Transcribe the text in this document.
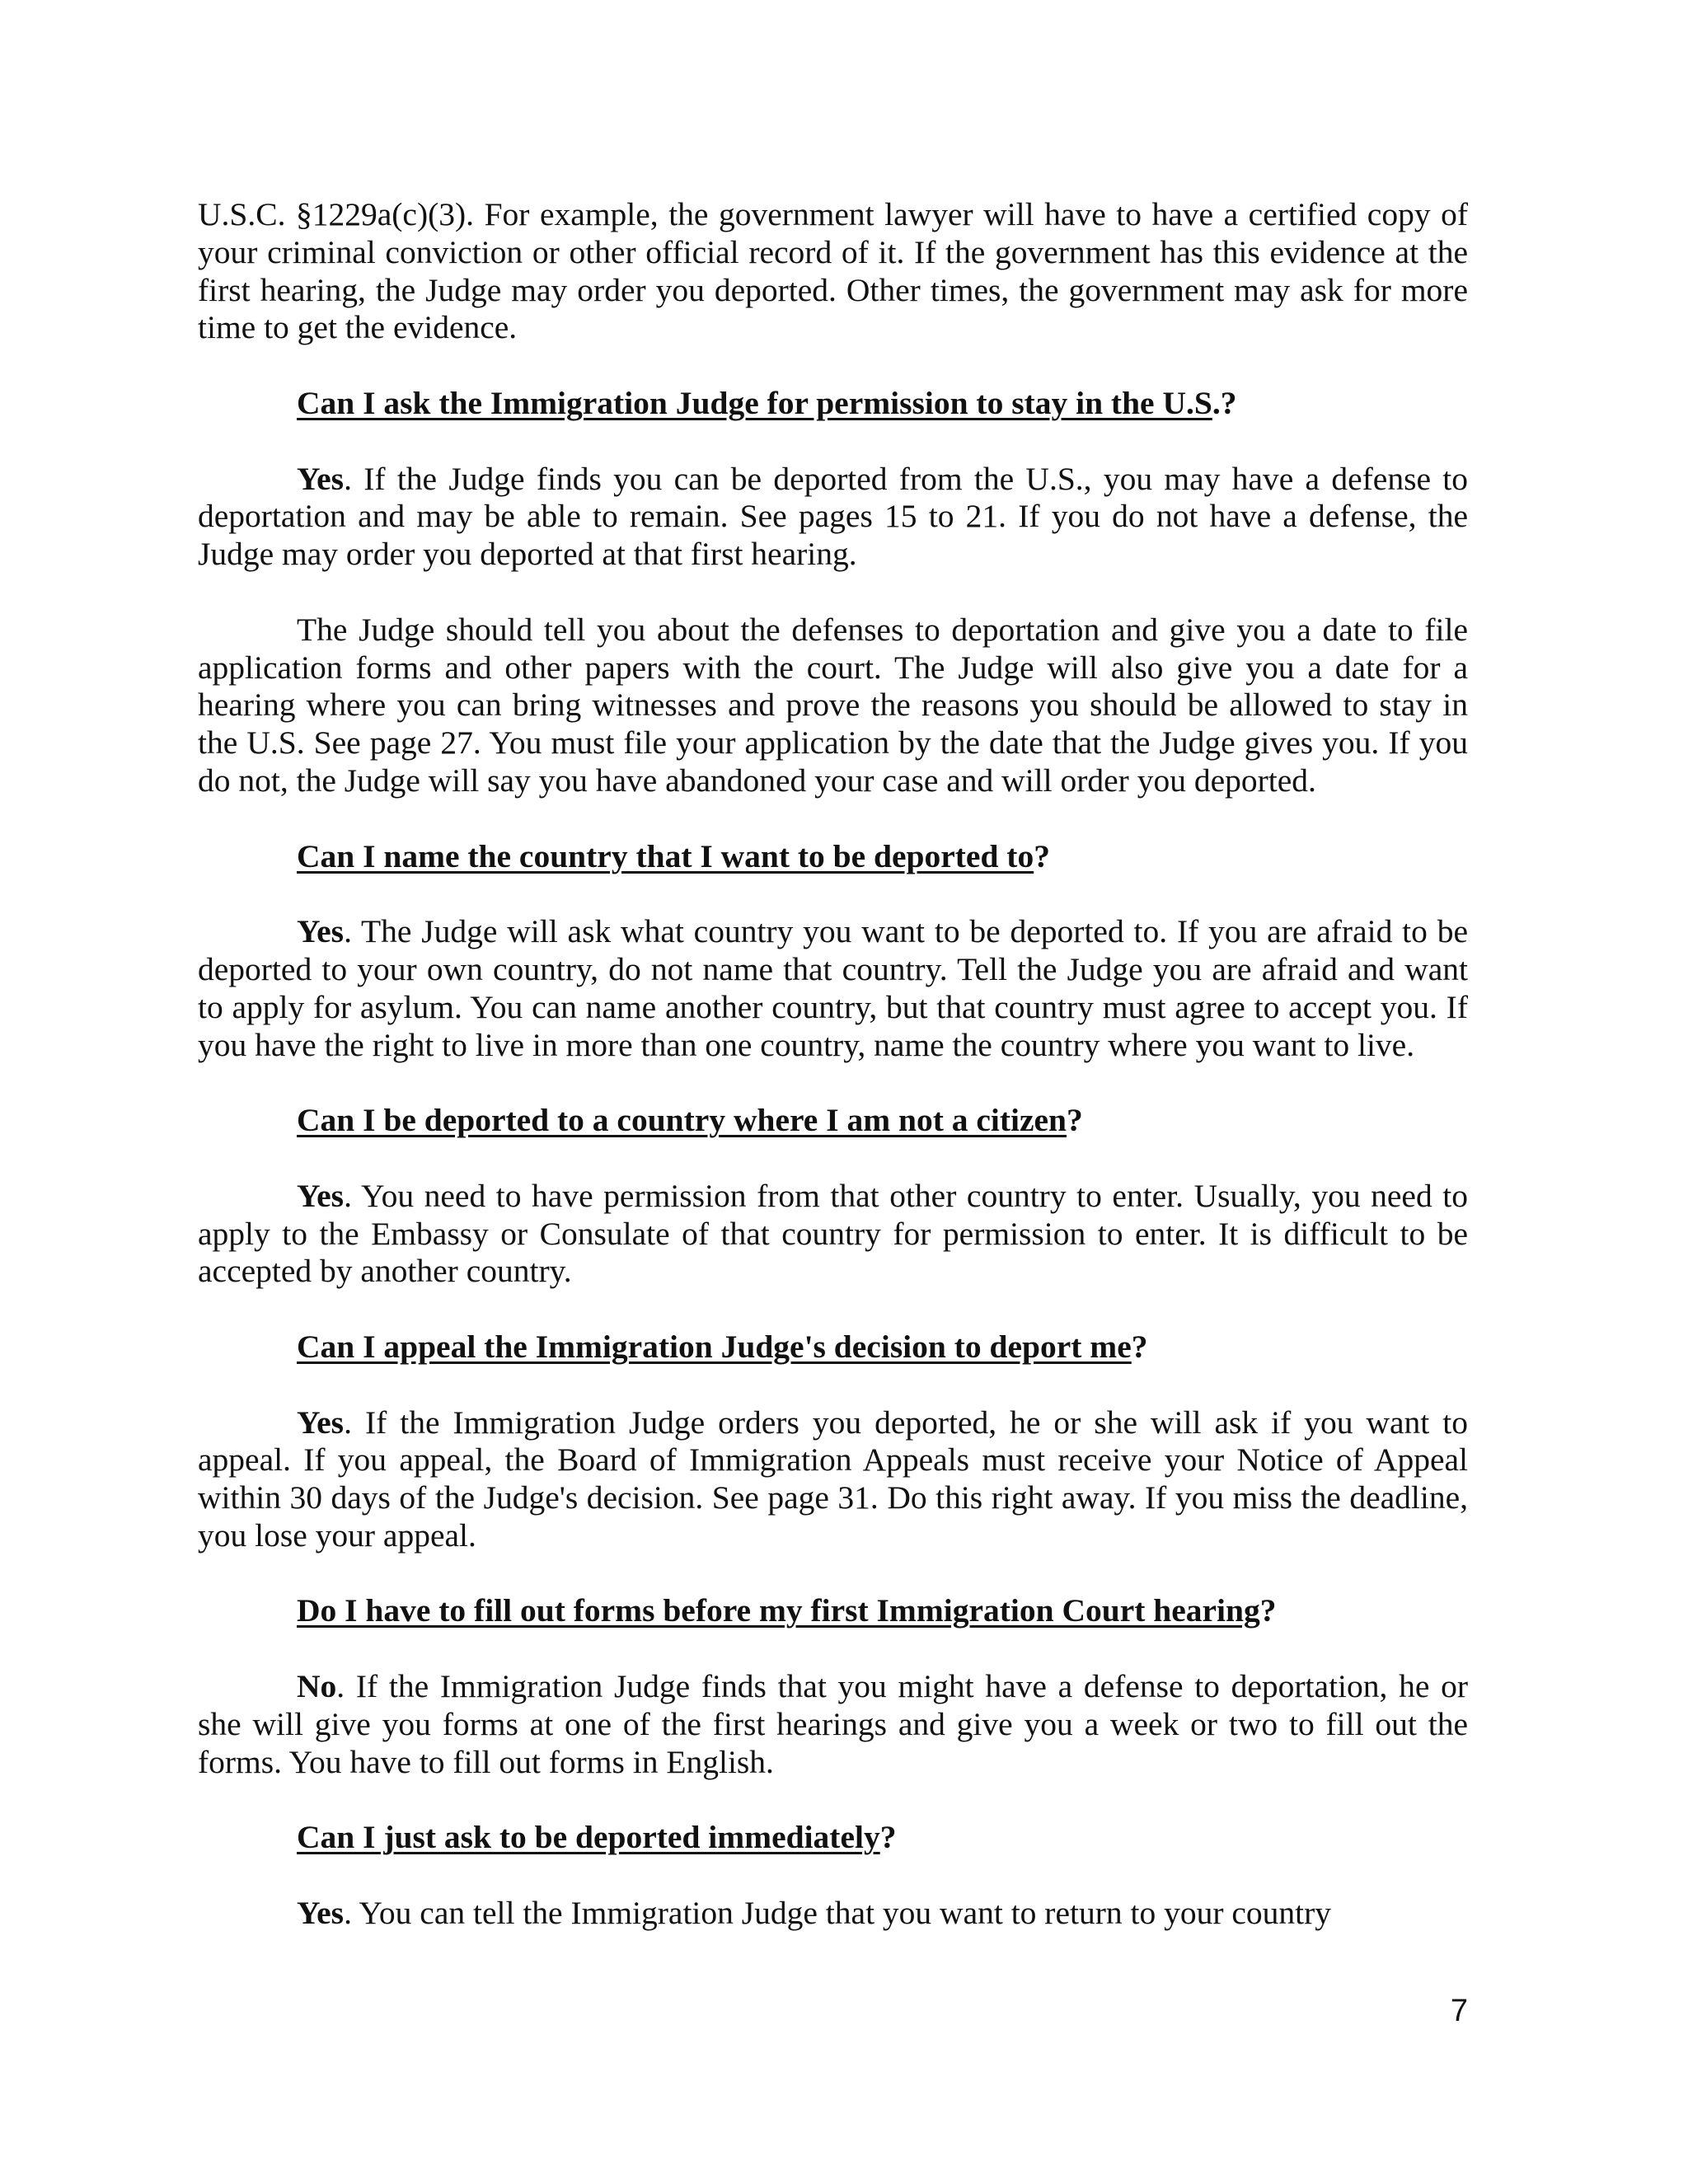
U.S.C. §1229a(c)(3). For example, the government lawyer will have to have a certified copy of your criminal conviction or other official record of it. If the government has this evidence at the first hearing, the Judge may order you deported. Other times, the government may ask for more time to get the evidence.

Can I ask the Immigration Judge for permission to stay in the U.S.?

Yes. If the Judge finds you can be deported from the U.S., you may have a defense to deportation and may be able to remain. See pages 15 to 21. If you do not have a defense, the Judge may order you deported at that first hearing.

The Judge should tell you about the defenses to deportation and give you a date to file application forms and other papers with the court. The Judge will also give you a date for a hearing where you can bring witnesses and prove the reasons you should be allowed to stay in the U.S. See page 27. You must file your application by the date that the Judge gives you. If you do not, the Judge will say you have abandoned your case and will order you deported.

Can I name the country that I want to be deported to?

Yes. The Judge will ask what country you want to be deported to. If you are afraid to be deported to your own country, do not name that country. Tell the Judge you are afraid and want to apply for asylum. You can name another country, but that country must agree to accept you. If you have the right to live in more than one country, name the country where you want to live.

Can I be deported to a country where I am not a citizen?

Yes. You need to have permission from that other country to enter. Usually, you need to apply to the Embassy or Consulate of that country for permission to enter. It is difficult to be accepted by another country.

Can I appeal the Immigration Judge's decision to deport me?

Yes. If the Immigration Judge orders you deported, he or she will ask if you want to appeal. If you appeal, the Board of Immigration Appeals must receive your Notice of Appeal within 30 days of the Judge's decision. See page 31. Do this right away. If you miss the deadline, you lose your appeal.

Do I have to fill out forms before my first Immigration Court hearing?

No. If the Immigration Judge finds that you might have a defense to deportation, he or she will give you forms at one of the first hearings and give you a week or two to fill out the forms. You have to fill out forms in English.

Can I just ask to be deported immediately?

Yes. You can tell the Immigration Judge that you want to return to your country

7
